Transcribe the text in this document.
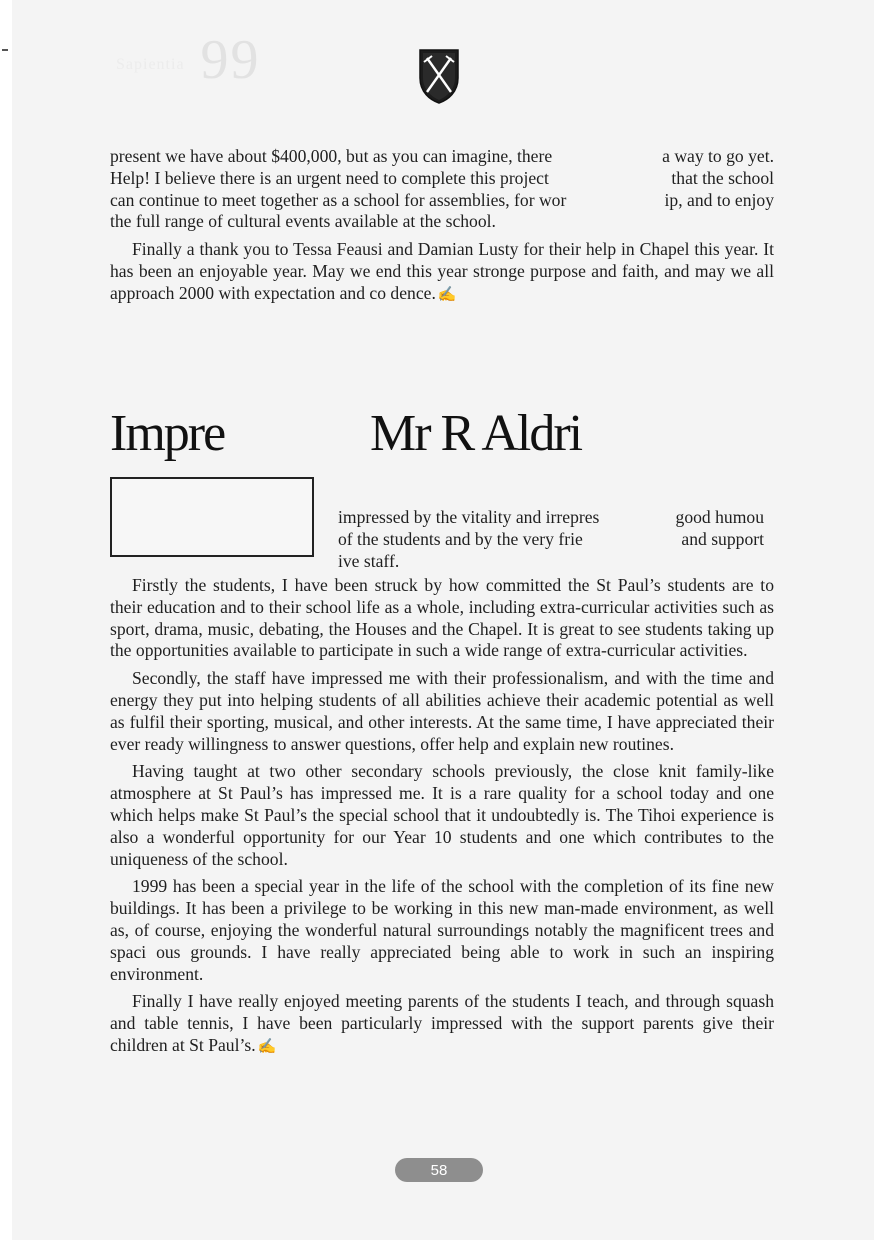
Sapientia 99
present we have about $400,000, but as you can imagine, there	a way to go yet.
Help! I believe there is an urgent need to complete this project	that the school
can continue to meet together as a school for assemblies, for wor	ip, and to enjoy
the full range of cultural events available at the school.

Finally a thank you to Tessa Feausi and Damian Lusty for their help in Chapel this year. It has been an enjoyable year. May we end this year stronge purpose and faith, and may we all approach 2000 with expectation and co dence. ✍

Impre	Mr R Aldri
impressed by the vitality and irrepres	good humou
of the students and by the very frie	and support
ive staff.

Firstly the students, I have been struck by how committed the St Paul’s students are to their education and to their school life as a whole, including extra-curricular activities such as sport, drama, music, debating, the Houses and the Chapel. It is great to see students taking up the opportunities available to participate in such a wide range of extra-curricular activities.

Secondly, the staff have impressed me with their professionalism, and with the time and energy they put into helping students of all abilities achieve their academic potential as well as fulfil their sporting, musical, and other interests. At the same time, I have appreciated their ever ready willingness to answer questions, offer help and explain new routines.

Having taught at two other secondary schools previously, the close knit family-like atmosphere at St Paul’s has impressed me. It is a rare quality for a school today and one which helps make St Paul’s the special school that it undoubtedly is. The Tihoi experience is also a wonderful opportunity for our Year 10 students and one which contributes to the uniqueness of the school.

1999 has been a special year in the life of the school with the completion of its fine new buildings. It has been a privilege to be working in this new man-made environment, as well as, of course, enjoying the wonderful natural surroundings notably the magnificent trees and spaci ous grounds. I have really appreciated being able to work in such an inspiring environment.

Finally I have really enjoyed meeting parents of the students I teach, and through squash and table tennis, I have been particularly impressed with the support parents give their children at St Paul’s. ✍

58
